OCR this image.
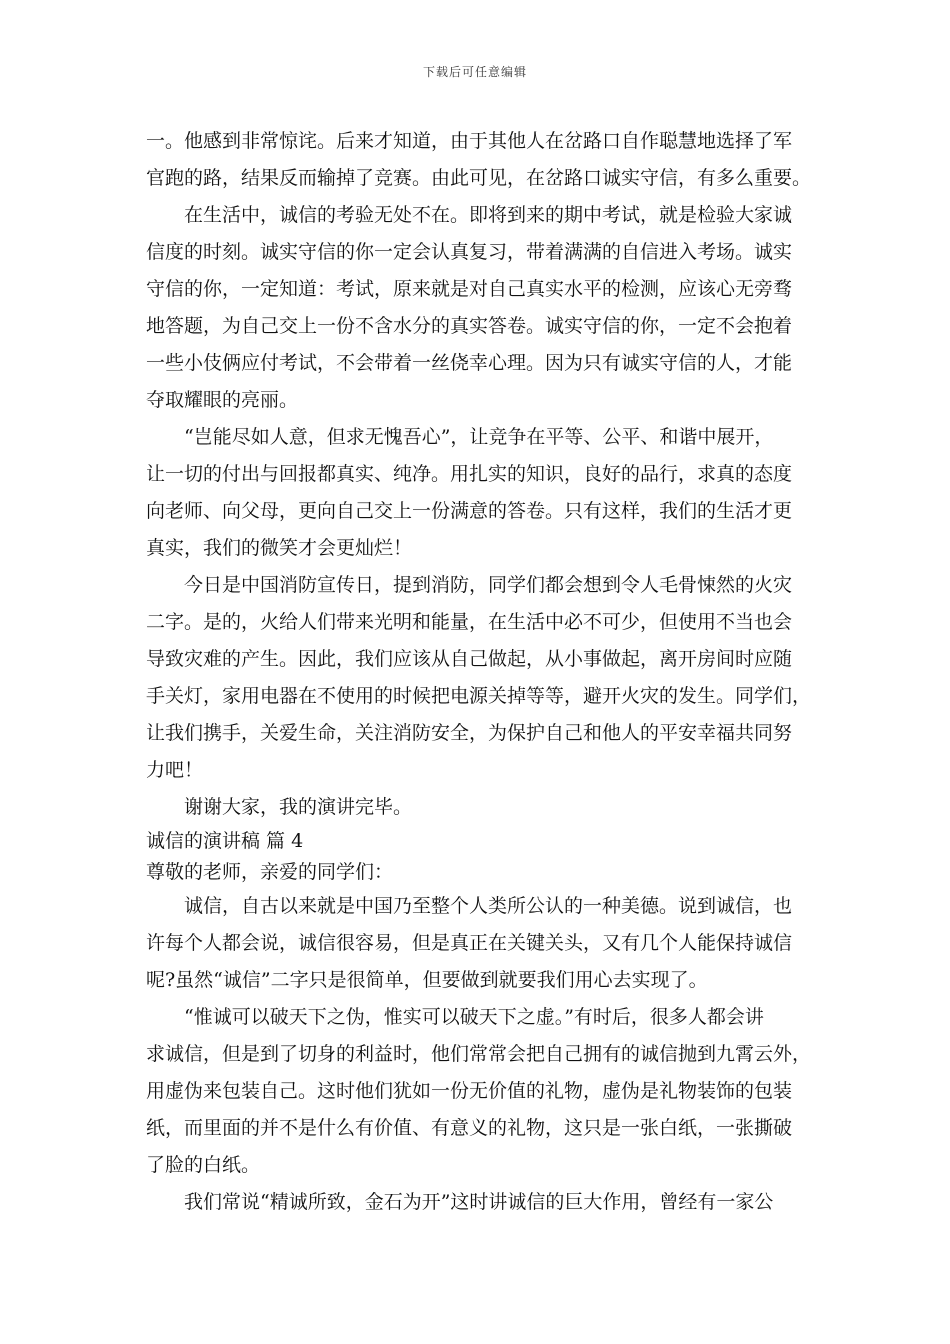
下载后可任意编辑
一。他感到非常惊诧。后来才知道，由于其他人在岔路口自作聪慧地选择了军
官跑的路，结果反而输掉了竞赛。由此可见，在岔路口诚实守信，有多么重要。
在生活中，诚信的考验无处不在。即将到来的期中考试，就是检验大家诚
信度的时刻。诚实守信的你一定会认真复习，带着满满的自信进入考场。诚实
守信的你，一定知道：考试，原来就是对自己真实水平的检测，应该心无旁骛
地答题，为自己交上一份不含水分的真实答卷。诚实守信的你，一定不会抱着
一些小伎俩应付考试，不会带着一丝侥幸心理。因为只有诚实守信的人，才能
夺取耀眼的亮丽。
“岂能尽如人意，但求无愧吾心”，让竞争在平等、公平、和谐中展开，
让一切的付出与回报都真实、纯净。用扎实的知识，良好的品行，求真的态度
向老师、向父母，更向自己交上一份满意的答卷。只有这样，我们的生活才更
真实，我们的微笑才会更灿烂！
今日是中国消防宣传日，提到消防，同学们都会想到令人毛骨悚然的火灾
二字。是的，火给人们带来光明和能量，在生活中必不可少，但使用不当也会
导致灾难的产生。因此，我们应该从自己做起，从小事做起，离开房间时应随
手关灯，家用电器在不使用的时候把电源关掉等等，避开火灾的发生。同学们，
让我们携手，关爱生命，关注消防安全，为保护自己和他人的平安幸福共同努
力吧！
谢谢大家，我的演讲完毕。
诚信的演讲稿 篇 4
尊敬的老师，亲爱的同学们：
诚信，自古以来就是中国乃至整个人类所公认的一种美德。说到诚信，也
许每个人都会说，诚信很容易，但是真正在关键关头，又有几个人能保持诚信
呢?虽然“诚信”二字只是很简单，但要做到就要我们用心去实现了。
“惟诚可以破天下之伪，惟实可以破天下之虚。”有时后，很多人都会讲
求诚信，但是到了切身的利益时，他们常常会把自己拥有的诚信抛到九霄云外，
用虚伪来包装自己。这时他们犹如一份无价值的礼物，虚伪是礼物装饰的包装
纸，而里面的并不是什么有价值、有意义的礼物，这只是一张白纸，一张撕破
了脸的白纸。
我们常说“精诚所致，金石为开”这时讲诚信的巨大作用，曾经有一家公
